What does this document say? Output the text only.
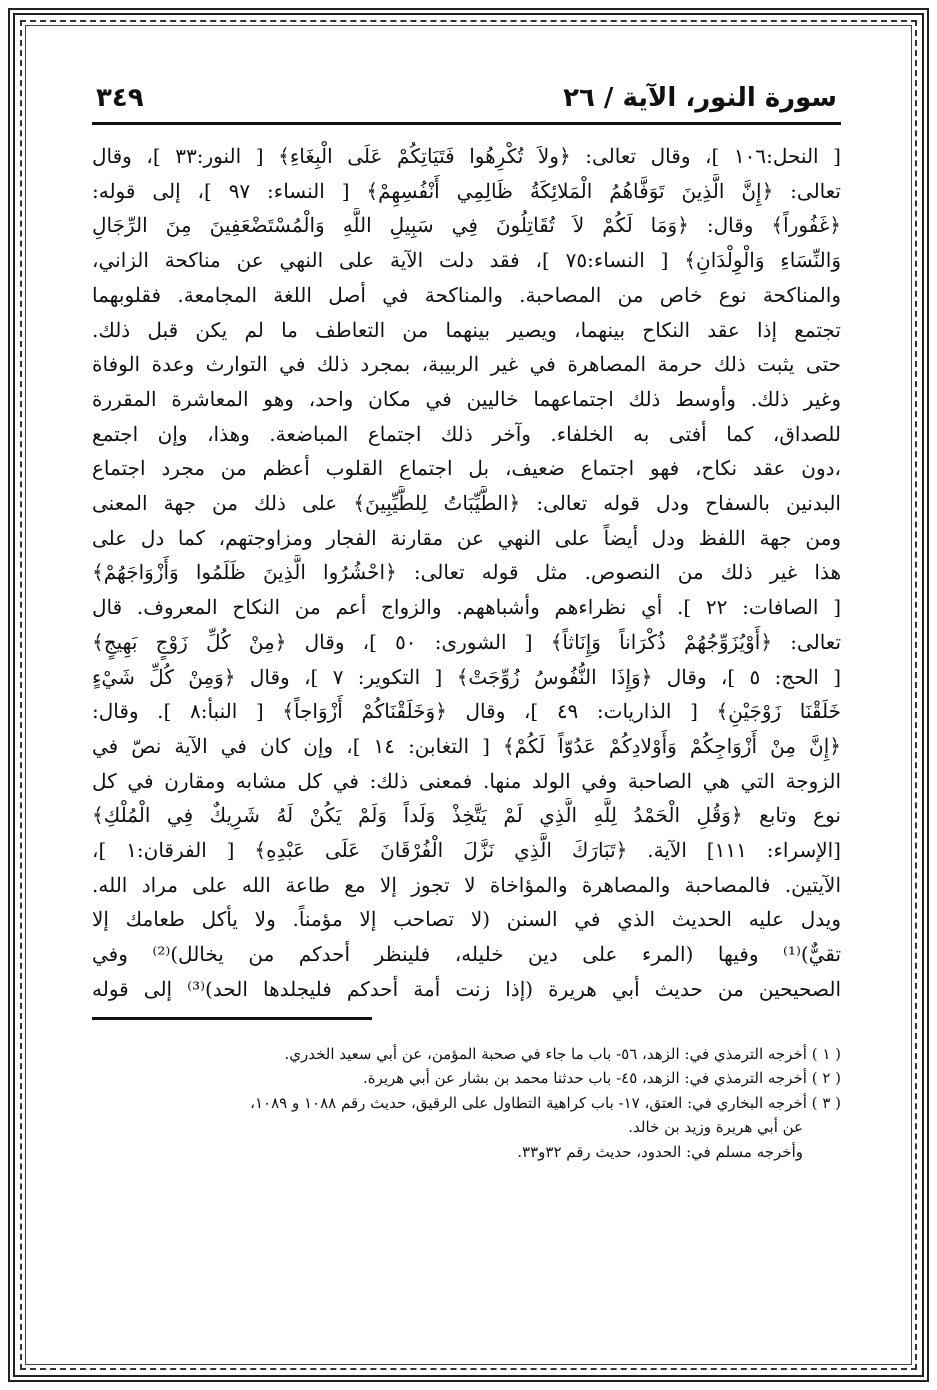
سورة النور، الآية / ٢٦
٣٤٩
[ النحل:١٠٦ ]، وقال تعالى: ﴿ولاَ تُكْرِهُوا فَتَيَاتِكُمْ عَلَى الْبِغَاءِ﴾ [ النور:٣٣ ]، وقال
تعالى: ﴿إِنَّ الَّذِينَ تَوَفَّاهُمُ الْمَلائِكَةُ ظَالِمِي أَنْفُسِهِمْ﴾ [ النساء: ٩٧ ]، إلى قوله:
﴿غَفُوراً﴾ وقال: ﴿وَمَا لَكُمْ لاَ تُقَاتِلُونَ فِي سَبِيلِ اللَّهِ وَالْمُسْتَضْعَفِينَ مِنَ الرِّجَالِ
وَالنِّسَاءِ وَالْوِلْدَانِ﴾ [ النساء:٧٥ ]، فقد دلت الآية على النهي عن مناكحة الزاني،
والمناكحة نوع خاص من المصاحبة. والمناكحة في أصل اللغة المجامعة. فقلوبهما
تجتمع إذا عقد النكاح بينهما، ويصير بينهما من التعاطف ما لم يكن قبل ذلك.
حتى يثبت ذلك حرمة المصاهرة في غير الربيبة، بمجرد ذلك في التوارث وعدة الوفاة
وغير ذلك. وأوسط ذلك اجتماعهما خاليين في مكان واحد، وهو المعاشرة المقررة
للصداق، كما أفتى به الخلفاء. وآخر ذلك اجتماع المباضعة. وهذا، وإن اجتمع
،دون عقد نكاح، فهو اجتماع ضعيف، بل اجتماع القلوب أعظم من مجرد اجتماع
البدنين بالسفاح ودل قوله تعالى: ﴿الطَّيِّبَاتُ لِلطَّيِّبِينَ﴾ على ذلك من جهة المعنى
ومن جهة اللفظ ودل أيضاً على النهي عن مقارنة الفجار ومزاوجتهم، كما دل على
هذا غير ذلك من النصوص. مثل قوله تعالى: ﴿احْشُرُوا الَّذِينَ ظَلَمُوا وَأَزْوَاجَهُمْ﴾
[ الصافات: ٢٢ ]. أي نظراءهم وأشباههم. والزواج أعم من النكاح المعروف. قال
تعالى: ﴿أَوْيُزَوِّجُهُمْ ذُكْرَاناً وَإِنَاثاً﴾ [ الشورى: ٥٠ ]، وقال ﴿مِنْ كُلِّ زَوْجٍ بَهِيجٍ﴾
[ الحج: ٥ ]، وقال ﴿وَإِذَا النُّفُوسُ زُوِّجَتْ﴾ [ التكوير: ٧ ]، وقال ﴿وَمِنْ كُلِّ شَيْءٍ
خَلَقْنَا زَوْجَيْنِ﴾ [ الذاريات: ٤٩ ]، وقال ﴿وَخَلَقْنَاكُمْ أَزْوَاجاً﴾ [ النبأ:٨ ]. وقال:
﴿إِنَّ مِنْ أَزْوَاجِكُمْ وَأَوْلادِكُمْ عَدُوّاً لَكُمْ﴾ [ التغابن: ١٤ ]، وإن كان في الآية نصّ في
الزوجة التي هي الصاحبة وفي الولد منها. فمعنى ذلك: في كل مشابه ومقارن في كل
نوع وتابع ﴿وَقُلِ الْحَمْدُ لِلَّهِ الَّذِي لَمْ يَتَّخِذْ وَلَداً وَلَمْ يَكُنْ لَهُ شَرِيكٌ فِي الْمُلْكِ﴾
[الإسراء: ١١١] الآية. ﴿تَبَارَكَ الَّذِي نَزَّلَ الْفُرْقَانَ عَلَى عَبْدِهِ﴾ [ الفرقان:١ ]،
الآيتين. فالمصاحبة والمصاهرة والمؤاخاة لا تجوز إلا مع طاعة الله على مراد الله.
ويدل عليه الحديث الذي في السنن (لا تصاحب إلا مؤمناً. ولا يأكل طعامك إلا
تقيٌّ)⁽¹⁾ وفيها (المرء على دين خليله، فلينظر أحدكم من يخالل)⁽²⁾ وفي
الصحيحين من حديث أبي هريرة (إذا زنت أمة أحدكم فليجلدها الحد)⁽³⁾ إلى قوله
( ١ ) أخرجه الترمذي في: الزهد، ٥٦- باب ما جاء في صحبة المؤمن، عن أبي سعيد الخدري.
( ٢ ) أخرجه الترمذي في: الزهد، ٤٥- باب حدثنا محمد بن بشار عن أبي هريرة.
( ٣ ) أخرجه البخاري في: العتق، ١٧- باب كراهية التطاول على الرقيق، حديث رقم ١٠٨٨ و ١٠٨٩،
عن أبي هريرة وزيد بن خالد.
وأخرجه مسلم في: الحدود، حديث رقم ٣٢و٣٣.
